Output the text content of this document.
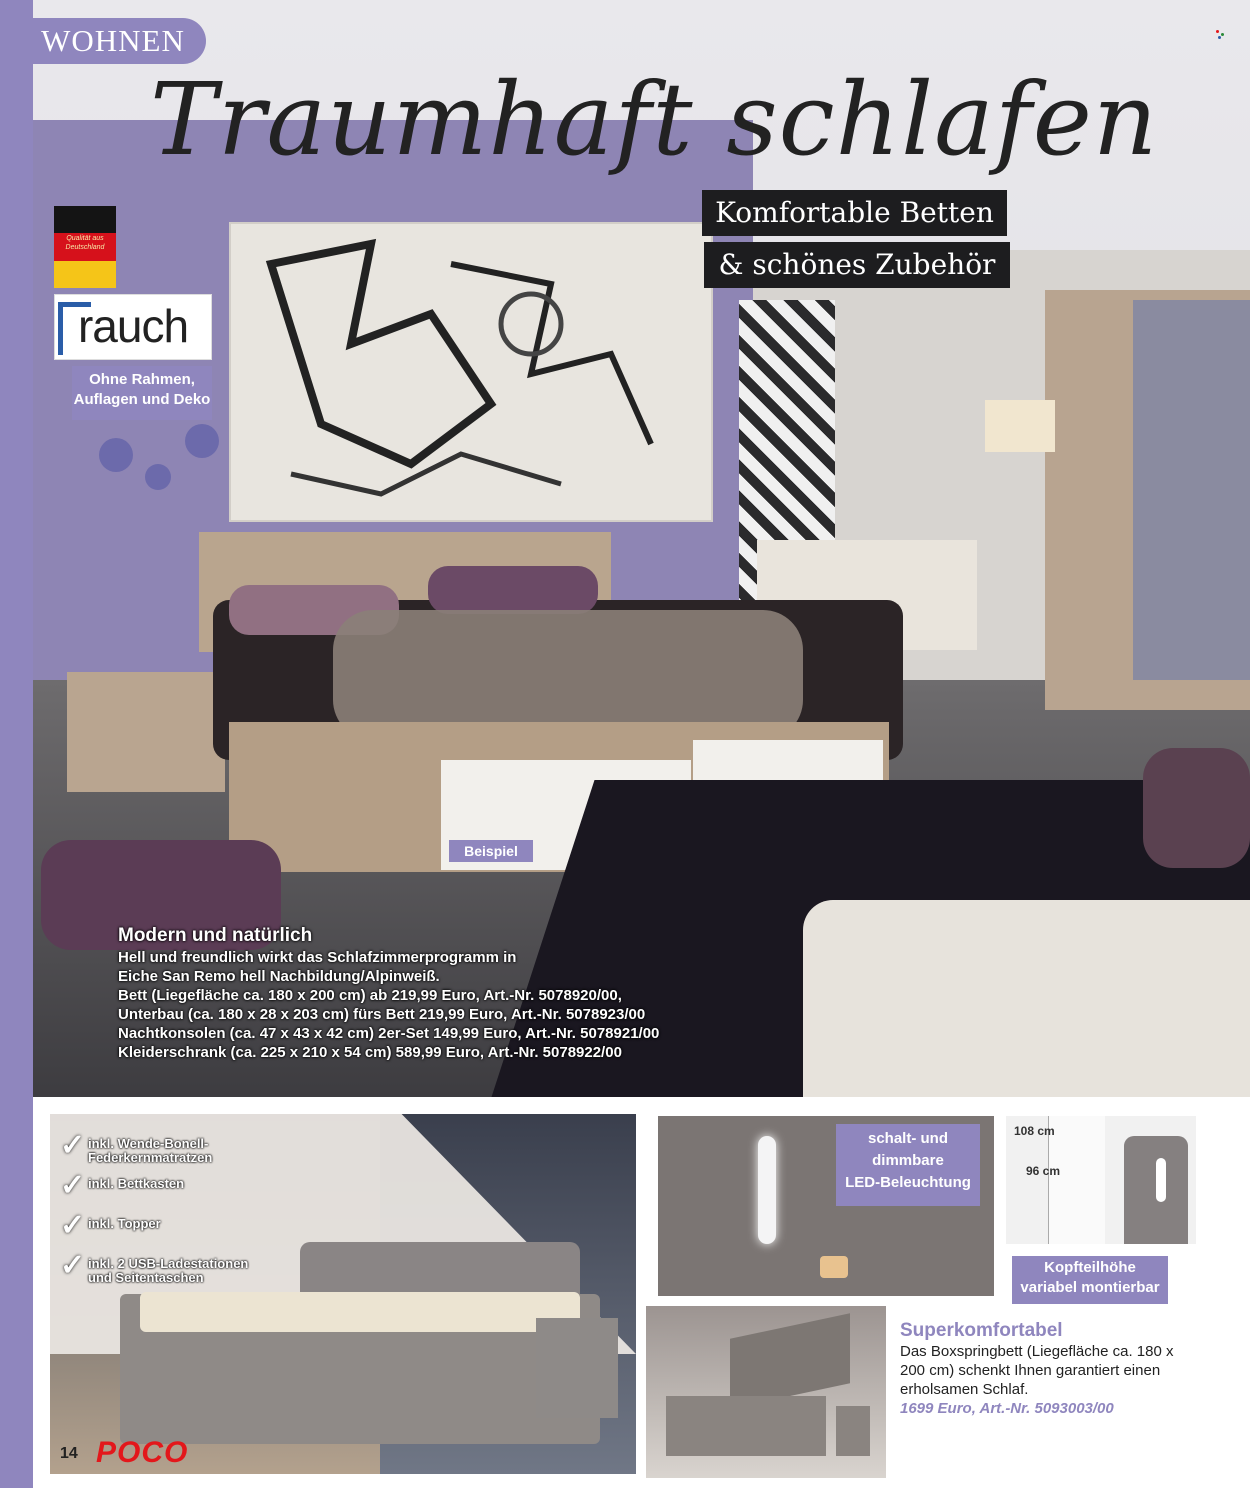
WOHNEN
Traumhaft schlafen
Komfortable Betten
& schönes Zubehör
Qualität aus Deutschland
rauch
Ohne Rahmen, Auflagen und Deko
Beispiel
Modern und natürlich

Hell und freundlich wirkt das Schlafzimmerprogramm in

Eiche San Remo hell Nachbildung/Alpinweiß.

Bett (Liegefläche ca. 180 x 200 cm) ab 219,99 Euro, Art.-Nr. 5078920/00,

Unterbau (ca. 180 x 28 x 203 cm) fürs Bett 219,99 Euro, Art.-Nr. 5078923/00

Nachtkonsolen (ca. 47 x 43 x 42 cm) 2er-Set 149,99 Euro, Art.-Nr. 5078921/00

Kleiderschrank (ca. 225 x 210 x 54 cm) 589,99 Euro, Art.-Nr. 5078922/00

✓ inkl. Wende-Bonell-
Federkernmatratzen
✓ inkl. Bettkasten
✓ inkl. Topper
✓ inkl. 2 USB-Ladestationen
und Seitentaschen
14 POCO
schalt- und
dimmbare
LED-Beleuchtung
108 cm
96 cm
Kopfteilhöhe
variabel montierbar
Superkomfortabel

Das Boxspringbett (Liegefläche ca. 180 x

200 cm) schenkt Ihnen garantiert einen

erholsamen Schlaf.

1699 Euro, Art.-Nr. 5093003/00
